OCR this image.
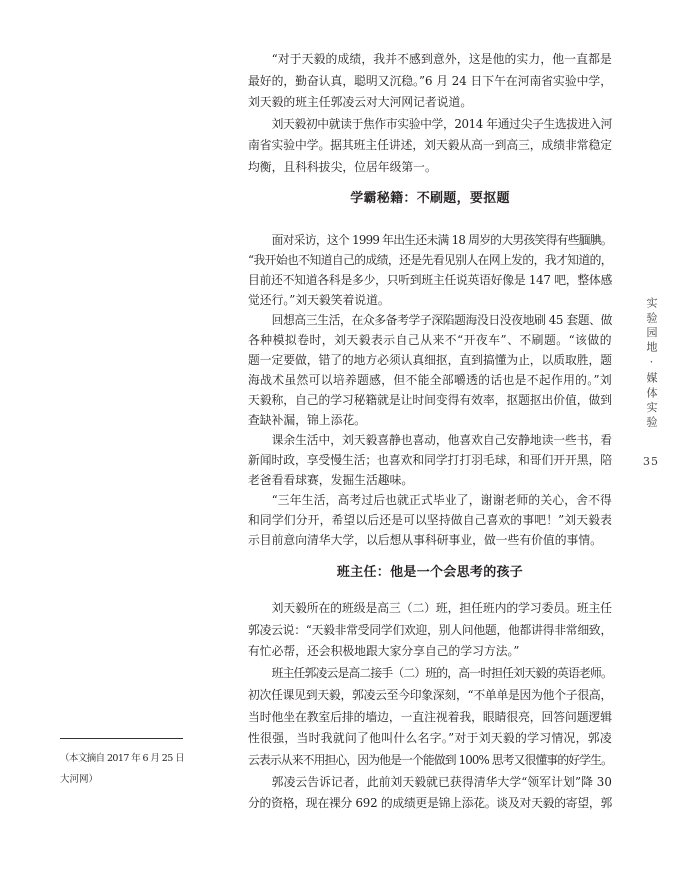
“对于天毅的成绩，我并不感到意外，这是他的实力，他一直都是
最好的，勤奋认真，聪明又沉稳。”6 月 24 日下午在河南省实验中学，
刘天毅的班主任郭凌云对大河网记者说道。
刘天毅初中就读于焦作市实验中学，2014 年通过尖子生选拔进入河
南省实验中学。据其班主任讲述，刘天毅从高一到高三，成绩非常稳定
均衡，且科科拔尖，位居年级第一。
学霸秘籍：不刷题，要抠题
面对采访，这个 1999 年出生还未满 18 周岁的大男孩笑得有些腼腆。
“我开始也不知道自己的成绩，还是先看见别人在网上发的，我才知道的，
目前还不知道各科是多少，只听到班主任说英语好像是 147 吧，整体感
觉还行。”刘天毅笑着说道。
回想高三生活，在众多备考学子深陷题海没日没夜地刷 45 套题、做
各种模拟卷时，刘天毅表示自己从来不“开夜车”、不刷题。“该做的
题一定要做，错了的地方必须认真细抠，直到搞懂为止，以质取胜，题
海战术虽然可以培养题感，但不能全部嚼透的话也是不起作用的。”刘
天毅称，自己的学习秘籍就是让时间变得有效率，抠题抠出价值，做到
查缺补漏，锦上添花。
课余生活中，刘天毅喜静也喜动，他喜欢自己安静地读一些书，看
新闻时政，享受慢生活；也喜欢和同学打打羽毛球，和哥们开开黑，陪
老爸看看球赛，发掘生活趣味。
“三年生活，高考过后也就正式毕业了，谢谢老师的关心，舍不得
和同学们分开，希望以后还是可以坚持做自己喜欢的事吧！”刘天毅表
示目前意向清华大学，以后想从事科研事业，做一些有价值的事情。
班主任：他是一个会思考的孩子
刘天毅所在的班级是高三（二）班，担任班内的学习委员。班主任
郭凌云说：“天毅非常受同学们欢迎，别人问他题，他都讲得非常细致，
有忙必帮，还会积极地跟大家分享自己的学习方法。”
班主任郭凌云是高二接手（二）班的，高一时担任刘天毅的英语老师。
初次任课见到天毅，郭凌云至今印象深刻，“不单单是因为他个子很高，
当时他坐在教室后排的墙边，一直注视着我，眼睛很亮，回答问题逻辑
性很强，当时我就问了他叫什么名字。”对于刘天毅的学习情况，郭凌
云表示从来不用担心，因为他是一个能做到 100% 思考又很懂事的好学生。
郭凌云告诉记者，此前刘天毅就已获得清华大学“领军计划”降 30
分的资格，现在裸分 692 的成绩更是锦上添花。谈及对天毅的寄望，郭
实验园地·媒体实验
35
（本文摘自 2017 年 6 月 25 日
大河网）
